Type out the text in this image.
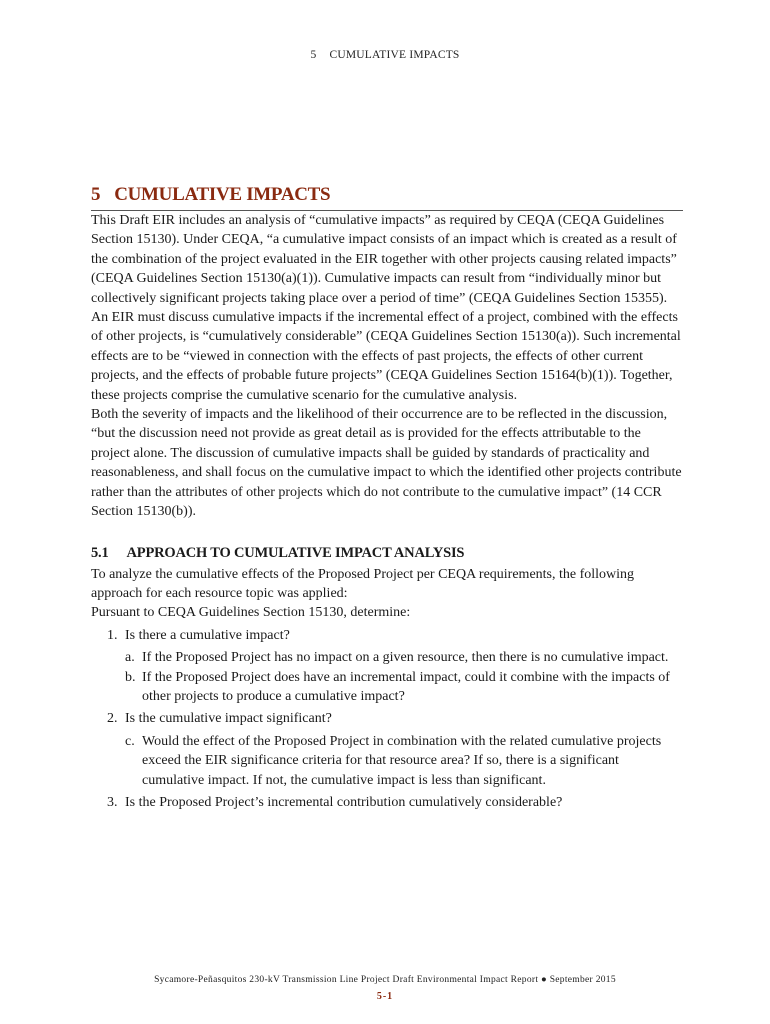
5 CUMULATIVE IMPACTS
5 CUMULATIVE IMPACTS

This Draft EIR includes an analysis of “cumulative impacts” as required by CEQA (CEQA Guidelines Section 15130). Under CEQA, “a cumulative impact consists of an impact which is created as a result of the combination of the project evaluated in the EIR together with other projects causing related impacts” (CEQA Guidelines Section 15130(a)(1)). Cumulative impacts can result from “individually minor but collectively significant projects taking place over a period of time” (CEQA Guidelines Section 15355). An EIR must discuss cumulative impacts if the incremental effect of a project, combined with the effects of other projects, is “cumulatively considerable” (CEQA Guidelines Section 15130(a)). Such incremental effects are to be “viewed in connection with the effects of past projects, the effects of other current projects, and the effects of probable future projects” (CEQA Guidelines Section 15164(b)(1)). Together, these projects comprise the cumulative scenario for the cumulative analysis.

Both the severity of impacts and the likelihood of their occurrence are to be reflected in the discussion, “but the discussion need not provide as great detail as is provided for the effects attributable to the project alone. The discussion of cumulative impacts shall be guided by standards of practicality and reasonableness, and shall focus on the cumulative impact to which the identified other projects contribute rather than the attributes of other projects which do not contribute to the cumulative impact” (14 CCR Section 15130(b)).

5.1 APPROACH TO CUMULATIVE IMPACT ANALYSIS

To analyze the cumulative effects of the Proposed Project per CEQA requirements, the following approach for each resource topic was applied:

Pursuant to CEQA Guidelines Section 15130, determine:

1. Is there a cumulative impact?
a. If the Proposed Project has no impact on a given resource, then there is no cumulative impact.
b. If the Proposed Project does have an incremental impact, could it combine with the impacts of other projects to produce a cumulative impact?
2. Is the cumulative impact significant?
c. Would the effect of the Proposed Project in combination with the related cumulative projects exceed the EIR significance criteria for that resource area? If so, there is a significant cumulative impact. If not, the cumulative impact is less than significant.
3. Is the Proposed Project’s incremental contribution cumulatively considerable?
Sycamore-Peñasquitos 230-kV Transmission Line Project Draft Environmental Impact Report ● September 2015
5-1
